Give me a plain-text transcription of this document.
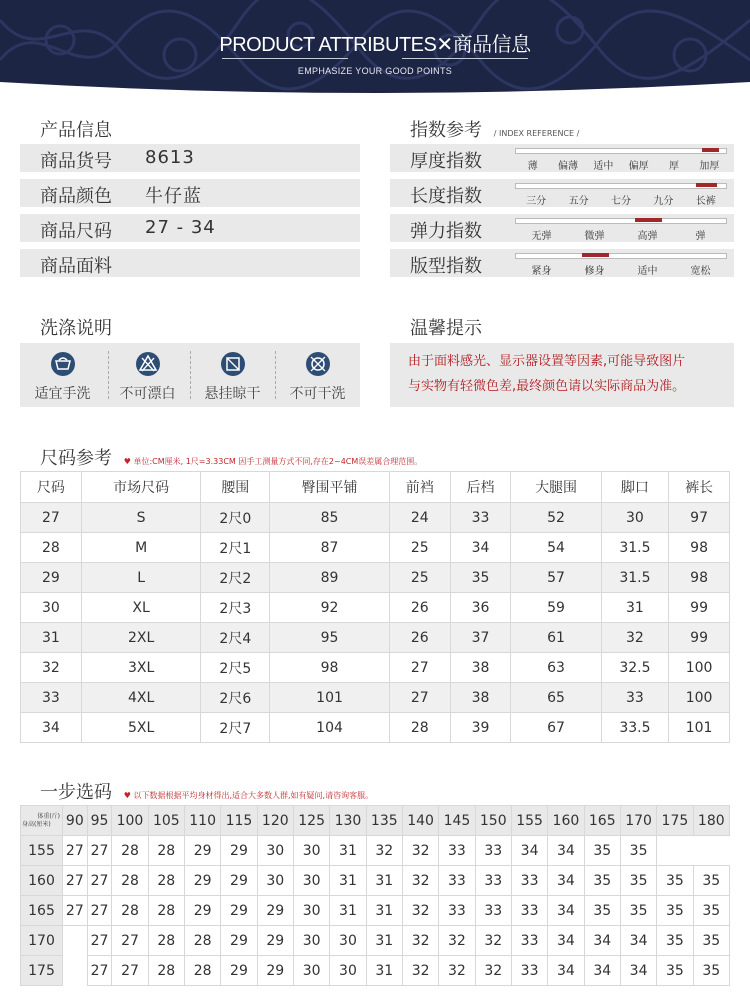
PRODUCT ATTRIBUTES✕商品信息
EMPHASIZE YOUR GOOD POINTS
产品信息
商品货号 8613
商品颜色 牛仔蓝
商品尺码 27 - 34
商品面料
指数参考 / INDEX REFERENCE /
厚度指数	薄	偏薄	适中	偏厚	厚	加厚
长度指数	三分	五分	七分	九分	长裤
弹力指数	无弹	微弹	高弹	弹
版型指数	紧身	修身	适中	宽松
洗涤说明
适宜手洗	不可漂白	悬挂晾干	不可干洗
温馨提示
由于面料感光、显示器设置等因素,可能导致图片
与实物有轻微色差,最终颜色请以实际商品为准。
尺码参考 ♥ 单位:CM厘米, 1尺=3.33CM 因手工测量方式不同,存在2~4CM误差属合理范围。
尺码	市场尺码	腰围	臀围平铺	前裆	后档	大腿围	脚口	裤长
27	S	2尺0	85	24	33	52	30	97
28	M	2尺1	87	25	34	54	31.5	98
29	L	2尺2	89	25	35	57	31.5	98
30	XL	2尺3	92	26	36	59	31	99
31	2XL	2尺4	95	26	37	61	32	99
32	3XL	2尺5	98	27	38	63	32.5	100
33	4XL	2尺6	101	27	38	65	33	100
34	5XL	2尺7	104	28	39	67	33.5	101
一步选码 ♥ 以下数据根据平均身材得出,适合大多数人群,如有疑问,请咨询客服。
体重(斤)
身高(厘米)	90	95	100	105	110	115	120	125	130	135	140	145	150	155	160	165	170	175	180
155	27	27	28	28	29	29	30	30	31	32	32	33	33	34	34	35	35		
160	27	27	28	28	29	29	30	30	31	31	32	33	33	33	34	35	35	35	35
165	27	27	28	28	29	29	29	30	31	31	32	33	33	33	34	35	35	35	35
170		27	27	28	28	29	29	30	30	31	32	32	32	33	34	34	34	35	35
175		27	27	28	28	29	29	30	30	31	32	32	32	33	34	34	34	35	35
